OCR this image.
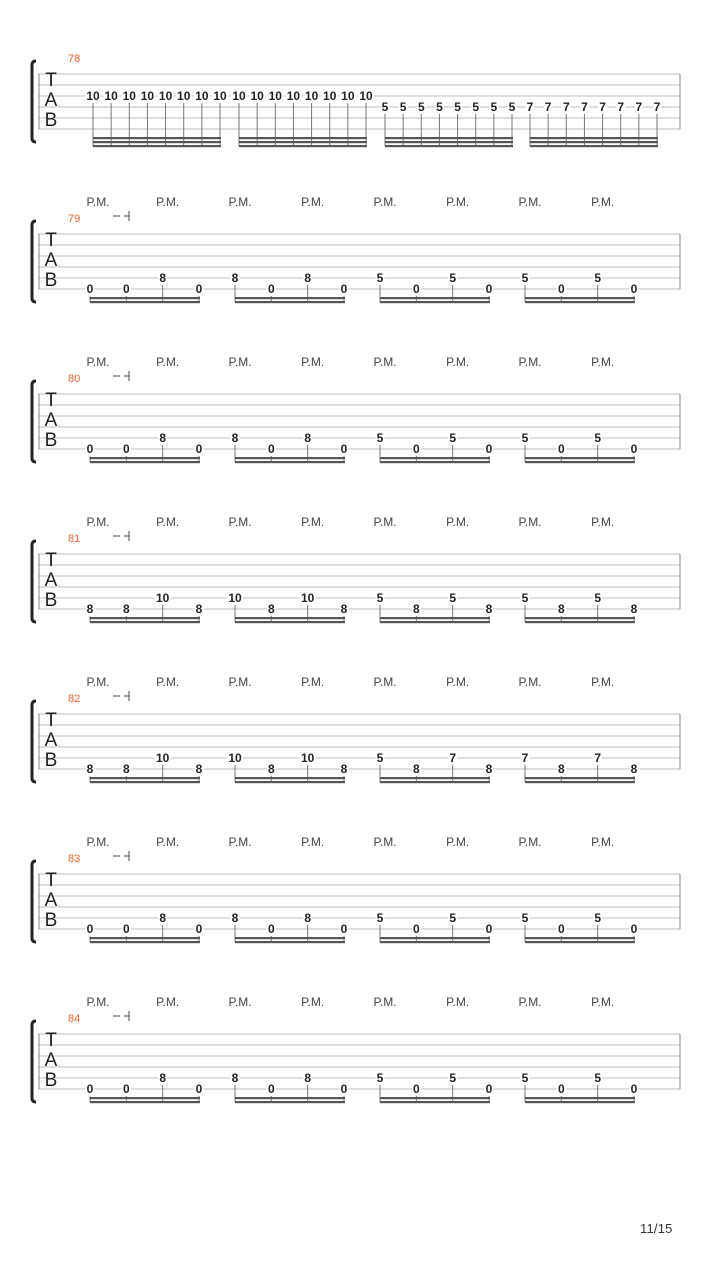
T
A
B
78
10 10 10 10 10 10 10 10 10 10 10 10 10 10 10 10
5 5 5 5 5 5 5 5 7 7 7 7 7 7 7 7
T
A
B
79
P.M.	P.M.	P.M.	P.M.	P.M.	P.M.	P.M.	P.M.
0 0
8
0
8
0
8
0
5
0
5
0
5
0
5
0
T
A
B
80
P.M.	P.M.	P.M.	P.M.	P.M.	P.M.	P.M.	P.M.
0 0
8
0
8
0
8
0
5
0
5
0
5
0
5
0
T
A
B
81
P.M.	P.M.	P.M.	P.M.	P.M.	P.M.	P.M.	P.M.
8 8
10
8
10
8
10
8
5
8
5
8
5
8
5
8
T
A
B
82
P.M.	P.M.	P.M.	P.M.	P.M.	P.M.	P.M.	P.M.
8 8
10
8
10
8
10
8
5
8
7
8
7
8
7
8
T
A
B
83
P.M.	P.M.	P.M.	P.M.	P.M.	P.M.	P.M.	P.M.
0 0
8
0
8
0
8
0
5
0
5
0
5
0
5
0
T
A
B
84
P.M.	P.M.	P.M.	P.M.	P.M.	P.M.	P.M.	P.M.
0 0
8
0
8
0
8
0
5
0
5
0
5
0
5
0
11/15
